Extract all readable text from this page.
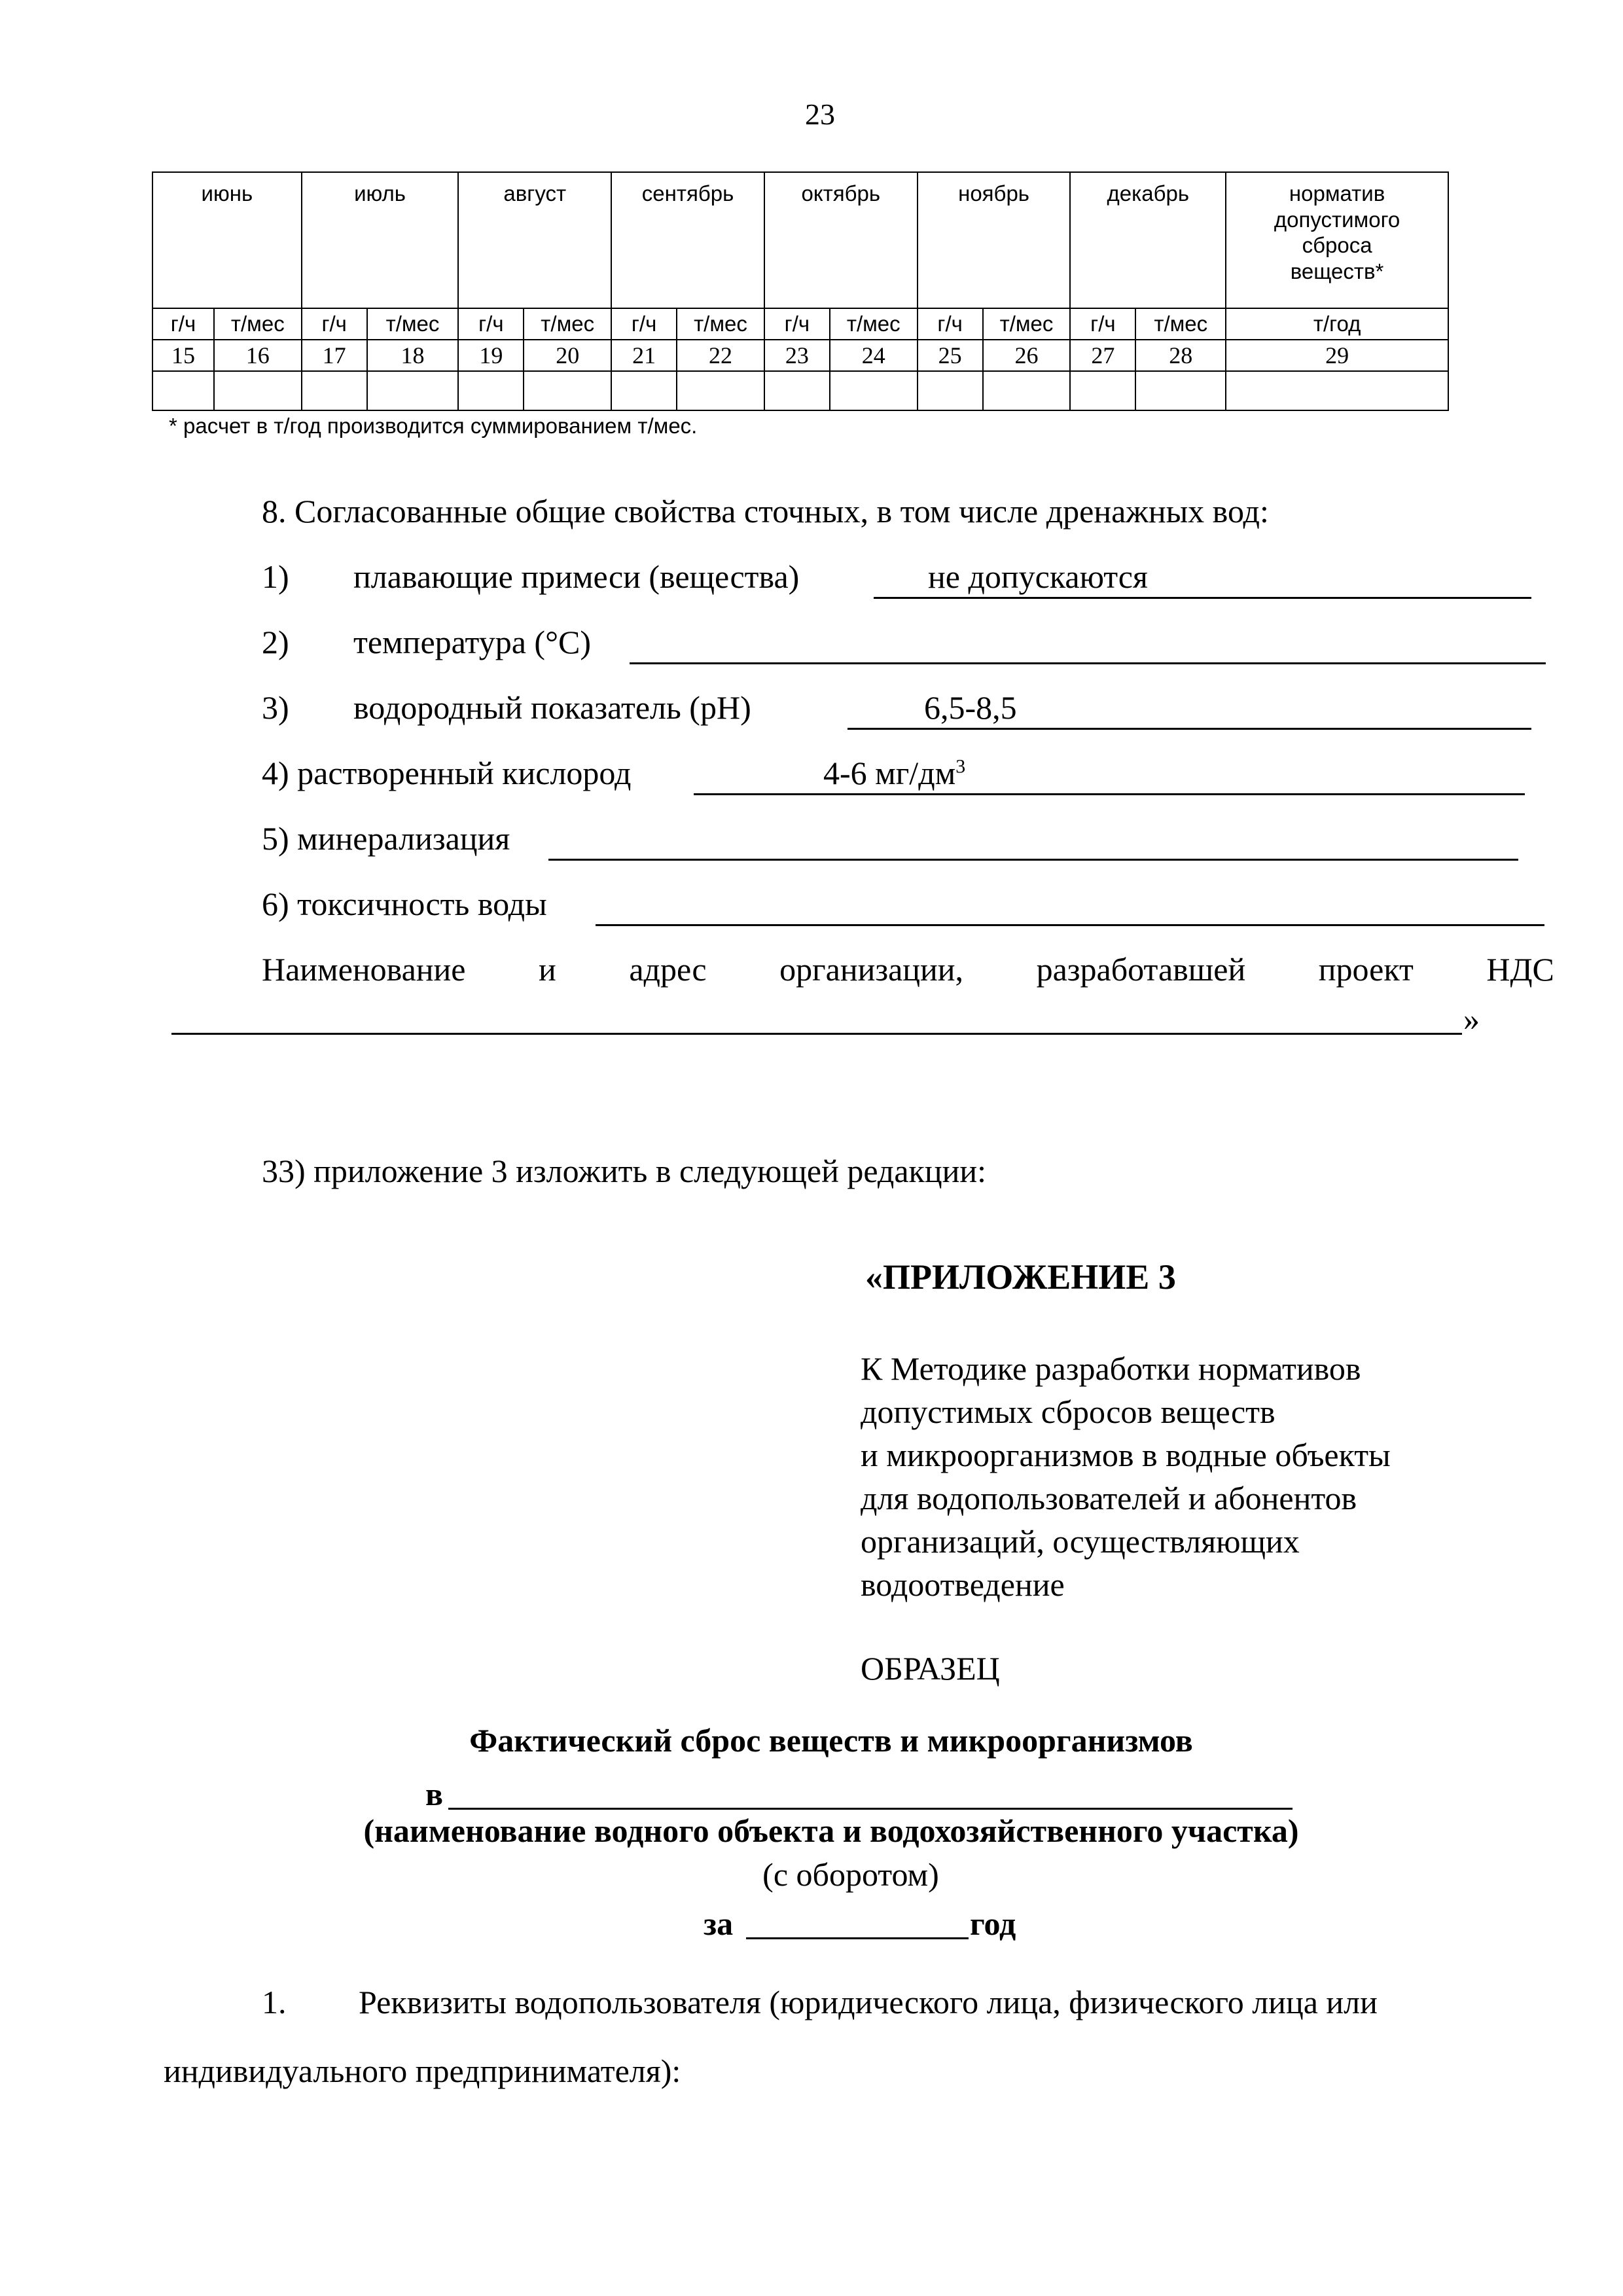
23
июнь		июль		август		сентябрь		октябрь		ноябрь		декабрь		норматив
допустимого
сброса
веществ*
г/ч	т/мес	г/ч	т/мес	г/ч	т/мес	г/ч	т/мес	г/ч	т/мес	г/ч	т/мес	г/ч	т/мес	т/год
15	16	17	18	19	20	21	22	23	24	25	26	27	28	29

* расчет в т/год производится суммированием т/мес.
8. Согласованные общие свойства сточных, в том числе дренажных вод:
1) плавающие примеси (вещества)	не допускаются
2) температура (°С)
3) водородный показатель (рН)	6,5-8,5
4) растворенный кислород	4-6 $мг/дм^3$
5) минерализация
6) токсичность воды
Наименование и адрес организации, разработавшей проект НДС
»
33) приложение 3 изложить в следующей редакции:
«ПРИЛОЖЕНИЕ 3
К Методике разработки нормативов
допустимых сбросов веществ
и микроорганизмов в водные объекты
для водопользователей и абонентов
организаций, осуществляющих
водоотведение
ОБРАЗЕЦ
Фактический сброс веществ и микроорганизмов
в
(наименование водного объекта и водохозяйственного участка)
(с оборотом)
за	год
1. Реквизиты водопользователя (юридического лица, физического лица или
индивидуального предпринимателя):
